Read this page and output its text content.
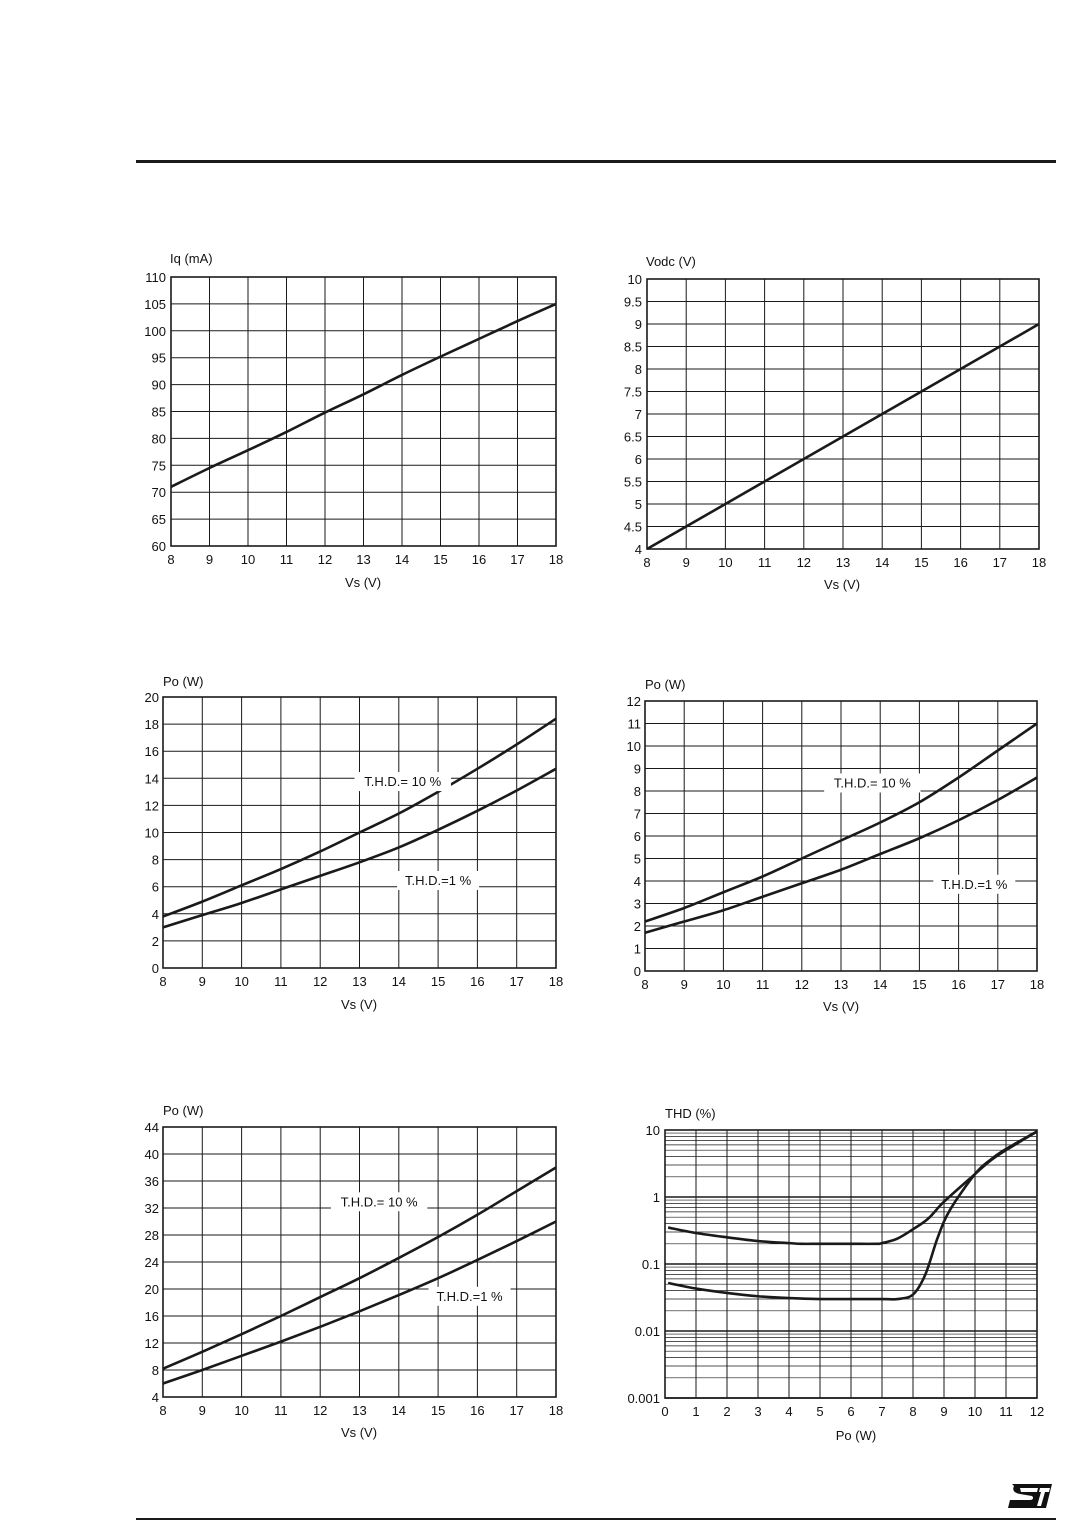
8 9 10 11 12 13 14 15 16 17 18
60
65
70
75
80
85
90
95
100
105
110
Iq (mA)
Vs (V)
8 9 10 11 12 13 14 15 16 17 18
4
4.5
5
5.5
6
6.5
7
7.5
8
8.5
9
9.5
10
Vodc (V)
Vs (V)
8 9 10 11 12 13 14 15 16 17 18
0
2
4
6
8
10
12
14
16
18
20
Po (W)
Vs (V)
T.H.D.= 10 %
T.H.D.=1 %
8 9 10 11 12 13 14 15 16 17 18
0
1
2
3
4
5
6
7
8
9
10
11
12
Po (W)
Vs (V)
T.H.D.= 10 %
T.H.D.=1 %
8 9 10 11 12 13 14 15 16 17 18
4
8
12
16
20
24
28
32
36
40
44
Po (W)
Vs (V)
T.H.D.= 10 %
T.H.D.=1 %
0 1 2 3 4 5 6 7 8 9 10 11 12
0.001
0.01
0.1
1
10
THD (%)
Po (W)
